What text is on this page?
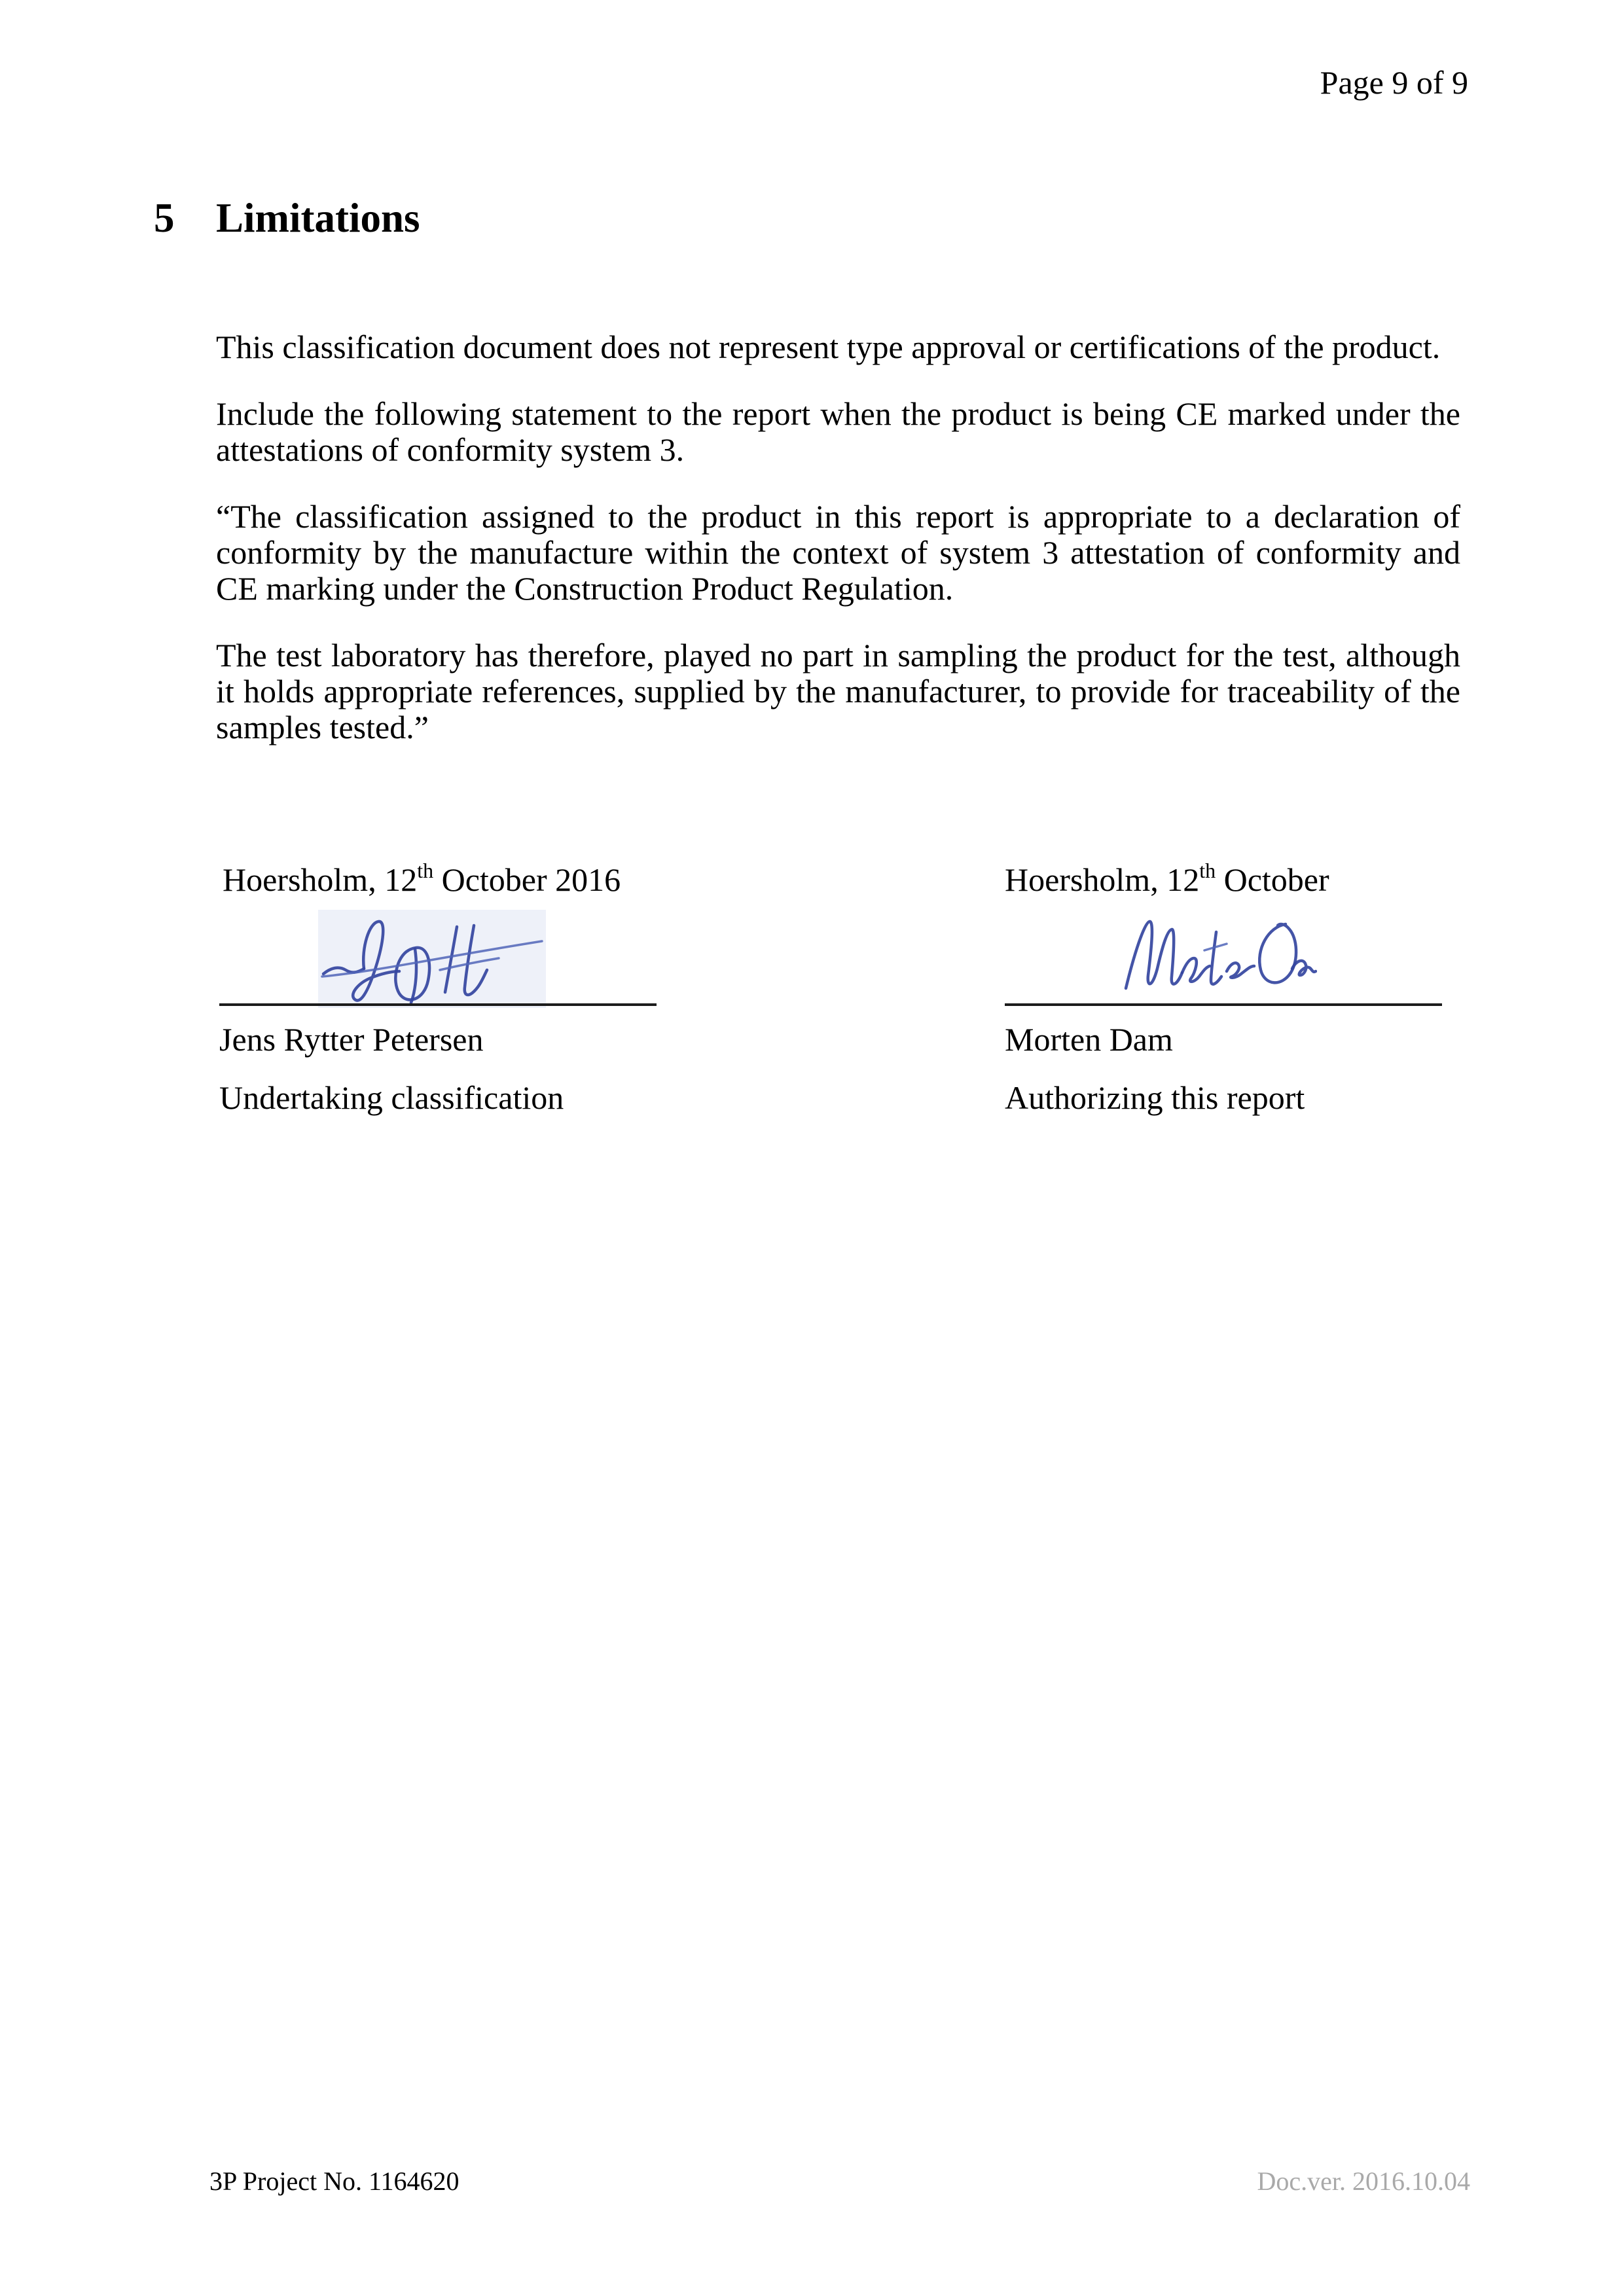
Page 9 of 9
5	Limitations

This classification document does not represent type approval or certifications of the product.

Include the following statement to the report when the product is being CE marked under the attestations of conformity system 3.

“The classification assigned to the product in this report is appropriate to a declaration of conformity by the manufacture within the context of system 3 attestation of conformity and CE marking under the Construction Product Regulation.

The test laboratory has therefore, played no part in sampling the product for the test, although it holds appropriate references, supplied by the manufacturer, to provide for traceability of the samples tested.”

Hoersholm, 12th October 2016	Hoersholm, 12th October
Jens Rytter Petersen
Undertaking classification
Morten Dam
Authorizing this report
3P Project No. 1164620	Doc.ver. 2016.10.04
